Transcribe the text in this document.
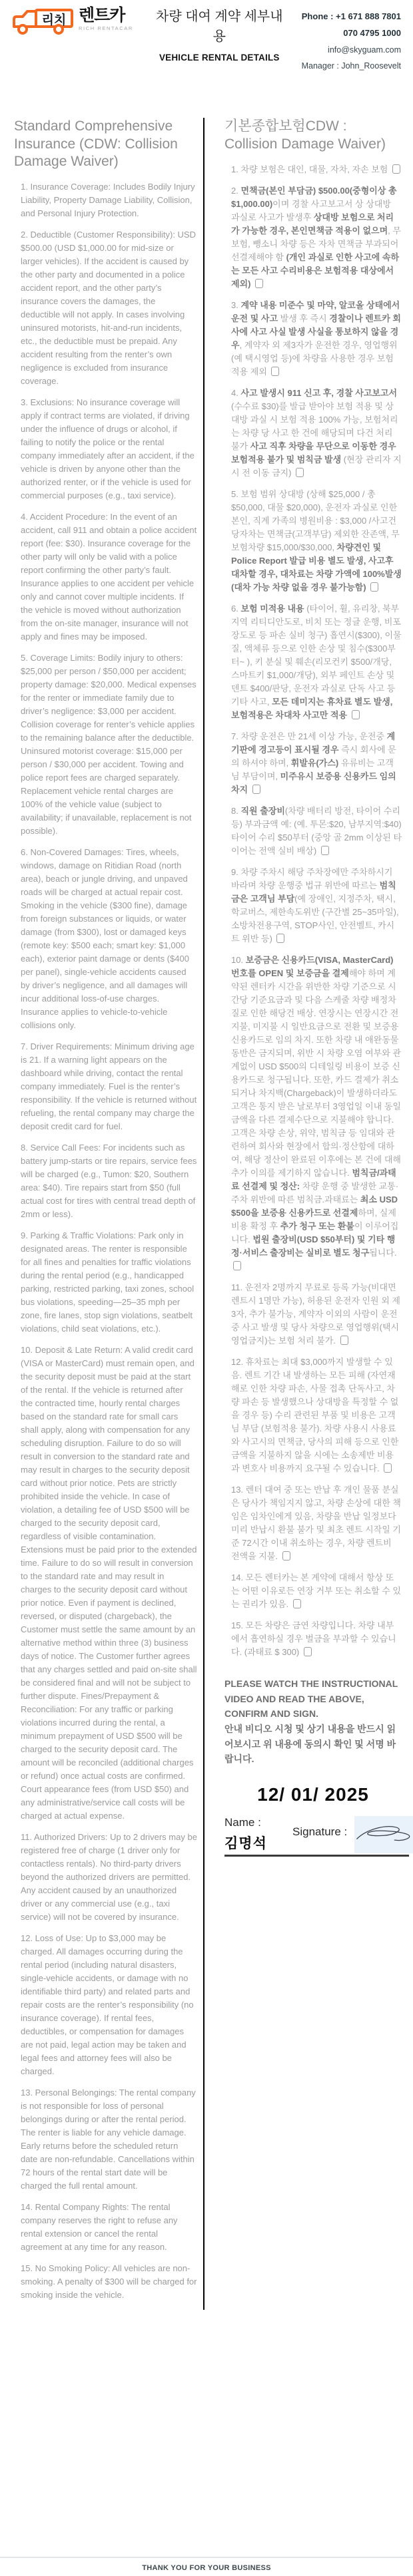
리치 렌트카
RICH RENTACAR
차량 대여 계약 세부내용
VEHICLE RENTAL DETAILS
Phone : +1 671 888 7801
070 4795 1000
info@skyguam.com
Manager : John_Roosevelt
Standard Comprehensive Insurance (CDW: Collision Damage Waiver)

1. Insurance Coverage: Includes Bodily Injury Liability, Property Damage Liability, Collision, and Personal Injury Protection.

2. Deductible (Customer Responsibility): USD $500.00 (USD $1,000.00 for mid-size or larger vehicles). If the accident is caused by the other party and documented in a police accident report, and the other party’s insurance covers the damages, the deductible will not apply. In cases involving uninsured motorists, hit-and-run incidents, etc., the deductible must be prepaid. Any accident resulting from the renter’s own negligence is excluded from insurance coverage.

3. Exclusions: No insurance coverage will apply if contract terms are violated, if driving under the influence of drugs or alcohol, if failing to notify the police or the rental company immediately after an accident, if the vehicle is driven by anyone other than the authorized renter, or if the vehicle is used for commercial purposes (e.g., taxi service).

4. Accident Procedure: In the event of an accident, call 911 and obtain a police accident report (fee: $30). Insurance coverage for the other party will only be valid with a police report confirming the other party’s fault. Insurance applies to one accident per vehicle only and cannot cover multiple incidents. If the vehicle is moved without authorization from the on-site manager, insurance will not apply and fines may be imposed.

5. Coverage Limits: Bodily injury to others: $25,000 per person / $50,000 per accident; property damage: $20,000. Medical expenses for the renter or immediate family due to driver’s negligence: $3,000 per accident. Collision coverage for renter’s vehicle applies to the remaining balance after the deductible. Uninsured motorist coverage: $15,000 per person / $30,000 per accident. Towing and police report fees are charged separately. Replacement vehicle rental charges are 100% of the vehicle value (subject to availability; if unavailable, replacement is not possible).

6. Non-Covered Damages: Tires, wheels, windows, damage on Ritidian Road (north area), beach or jungle driving, and unpaved roads will be charged at actual repair cost. Smoking in the vehicle ($300 fine), damage from foreign substances or liquids, or water damage (from $300), lost or damaged keys (remote key: $500 each; smart key: $1,000 each), exterior paint damage or dents ($400 per panel), single-vehicle accidents caused by driver’s negligence, and all damages will incur additional loss-of-use charges. Insurance applies to vehicle-to-vehicle collisions only.

7. Driver Requirements: Minimum driving age is 21. If a warning light appears on the dashboard while driving, contact the rental company immediately. Fuel is the renter’s responsibility. If the vehicle is returned without refueling, the rental company may charge the deposit credit card for fuel.

8. Service Call Fees: For incidents such as battery jump-starts or tire repairs, service fees will be charged (e.g., Tumon: $20, Southern area: $40). Tire repairs start from $50 (full actual cost for tires with central tread depth of 2mm or less).

9. Parking & Traffic Violations: Park only in designated areas. The renter is responsible for all fines and penalties for traffic violations during the rental period (e.g., handicapped parking, restricted parking, taxi zones, school bus violations, speeding—25–35 mph per zone, fire lanes, stop sign violations, seatbelt violations, child seat violations, etc.).

10. Deposit & Late Return: A valid credit card (VISA or MasterCard) must remain open, and the security deposit must be paid at the start of the rental. If the vehicle is returned after the contracted time, hourly rental charges based on the standard rate for small cars shall apply, along with compensation for any scheduling disruption. Failure to do so will result in conversion to the standard rate and may result in charges to the security deposit card without prior notice. Pets are strictly prohibited inside the vehicle. In case of violation, a detailing fee of USD $500 will be charged to the security deposit card, regardless of visible contamination. Extensions must be paid prior to the extended time. Failure to do so will result in conversion to the standard rate and may result in charges to the security deposit card without prior notice. Even if payment is declined, reversed, or disputed (chargeback), the Customer must settle the same amount by an alternative method within three (3) business days of notice. The Customer further agrees that any charges settled and paid on-site shall be considered final and will not be subject to further dispute. Fines/Prepayment & Reconciliation: For any traffic or parking violations incurred during the rental, a minimum prepayment of USD $500 will be charged to the security deposit card. The amount will be reconciled (additional charges or refund) once actual costs are confirmed. Court appearance fees (from USD $50) and any administrative/service call costs will be charged at actual expense.

11. Authorized Drivers: Up to 2 drivers may be registered free of charge (1 driver only for contactless rentals). No third-party drivers beyond the authorized drivers are permitted. Any accident caused by an unauthorized driver or any commercial use (e.g., taxi service) will not be covered by insurance.

12. Loss of Use: Up to $3,000 may be charged. All damages occurring during the rental period (including natural disasters, single-vehicle accidents, or damage with no identifiable third party) and related parts and repair costs are the renter’s responsibility (no insurance coverage). If rental fees, deductibles, or compensation for damages are not paid, legal action may be taken and legal fees and attorney fees will also be charged.

13. Personal Belongings: The rental company is not responsible for loss of personal belongings during or after the rental period. The renter is liable for any vehicle damage. Early returns before the scheduled return date are non-refundable. Cancellations within 72 hours of the rental start date will be charged the full rental amount.

14. Rental Company Rights: The rental company reserves the right to refuse any rental extension or cancel the rental agreement at any time for any reason.

15. No Smoking Policy: All vehicles are non-smoking. A penalty of $300 will be charged for smoking inside the vehicle.

기본종합보험CDW : Collision Damage Waiver)

1. 차량 보험은 대인, 대물, 자차, 자손 보험

2. 면책금(본인 부담금) $500.00(중형이상 총 $1,000.00)이며 경찰 사고보고서 상 상대방 과실로 사고가 발생후 상대방 보험으로 처리가 가능한 경우, 본인면책금 적용이 없으며, 무보험, 뺑소니 차량 등은 자차 면책금 부과되어 선결제해야 함 (개인 과실로 인한 사고에 속하는 모든 사고 수리비용은 보험적용 대상에서 제외)

3. 계약 내용 미준수 및 마약, 알코올 상태에서 운전 및 사고 발생 후 즉시 경찰이나 렌트카 회사에 사고 사실 발생 사실을 통보하지 않을 경우, 계약자 외 제3자가 운전한 경우, 영업행위(예 택시영업 등)에 차량을 사용한 경우 보험 적용 제외

4. 사고 발생시 911 신고 후, 경찰 사고보고서(수수료 $30)를 발급 받아야 보험 적용 및 상대방 과실 시 보험 적용 100% 가능, 보험처리는 차량 당 사고 한 건에 해당되며 다건 처리 불가 사고 직후 차량을 무단으로 이동한 경우 보험적용 불가 및 범칙금 발생 (현장 관리자 지시 전 이동 금지)

5. 보험 범위 상대방 (상해 $25,000 / 총 $50,000, 대물 $20,000), 운전자 과실로 인한 본인, 직계 가족의 병원비용 : $3,000 /사고건당자차는 면책금(고객부담) 제외한 잔존액, 무보험차량 $15,000/$30,000, 차량견인 및 Police Report 발급 비용 별도 발생, 사고후 대차할 경우, 대차료는 차량 가액에 100%발생(대차 가능 차량 없을 경우 불가능함)

6. 보험 미적용 내용 (타이어, 휠, 유리창, 북부지역 리티디안도로, 비치 또는 정글 운행, 비포장도로 등 파손 실비 청구) 흡연시($300), 이물질, 액체류 등으로 인한 손상 및 침수($300부터~ ), 키 분실 및 훼손(리모컨키 $500/개당, 스마트키 $1,000/개당), 외부 페인트 손상 및 덴트 $400/판당, 운전자 과실로 단독 사고 등 기타 사고, 모든 데미지는 휴차료 별도 발생, 보험적용은 차대차 사고만 적용

7. 차량 운전은 만 21세 이상 가능, 운전중 계기판에 경고등이 표시될 경우 즉시 회사에 문의 하셔야 하며, 휘발유(가스) 유류비는 고객님 부담이며, 미주유시 보증용 신용카드 임의 차지

8. 직원 출장비(차량 배터리 방전, 타이어 수리 등) 부과금액 예: (예. 투몬:$20, 남부지역:$40) 타이어 수리 $50부터 (중앙 골 2mm 이상된 타이어는 전액 실비 배상)

9. 차량 주차시 해당 주차장에만 주차하시기 바라며 차량 운행중 법규 위반에 따르는 범칙금은 고객님 부담(예 장애인, 지정주차, 택시, 학교버스, 제한속도위반 (구간별 25~35마일), 소방차전용구역, STOP사인, 안전벨트, 카시트 위반 등)

10. 보증금은 신용카드(VISA, MasterCard) 번호를 OPEN 및 보증금을 결제해야 하며 계약된 렌터카 시간을 위반한 차량 기준으로 시간당 기준요금과 및 다음 스케줄 차량 배정차질로 인한 해당건 배상. 연장시는 연장시간 전 지불, 미지불 시 일반요금으로 전환 및 보증용 신용카드로 임의 차지. 또한 차량 내 애완동물 동반은 금지되며, 위반 시 차량 오염 여부와 관계없이 USD $500의 디테일링 비용이 보증 신용카드로 청구됩니다. 또한, 카드 결제가 취소되거나 차지백(Chargeback)이 발생하더라도 고객은 통지 받은 날로부터 3영업일 이내 동일 금액을 다른 결제수단으로 지불해야 합니다. 고객은 차량 손상, 위약, 범칙금 등 임대와 관련하여 회사와 현장에서 합의·정산함에 대하여, 해당 정산이 완료된 이후에는 본 건에 대해 추가 이의를 제기하지 않습니다. 범칙금/과태료 선결제 및 정산: 차량 운행 중 발생한 교통·주차 위반에 따른 범칙금.과태료는 최소 USD $500을 보증용 신용카드로 선결제하며, 실제 비용 확정 후 추가 청구 또는 환불이 이루어집니다. 법원 출장비(USD $50부터) 및 기타 행정·서비스 출장비는 실비로 별도 청구됩니다.

11. 운전자 2명까지 무료로 등록 가능(비대면 렌트시 1명만 가능), 허용된 운전자 인원 외 제3자, 추가 불가능, 계약자 이외의 사람이 운전중 사고 발생 및 당사 차량으로 영업행위(택시영업금지)는 보험 처리 불가.

12. 휴차료는 최대 $3,000까지 발생할 수 있음. 렌트 기간 내 발생하는 모든 피해 (자연재해로 인한 차량 파손, 사물 접촉 단독사고, 차량 파손 등 발생했으나 상대방을 특정할 수 없을 경우 등) 수리 관련된 부품 및 비용은 고객님 부담 (보험적용 불가). 차량 사용시 사용료와 사고시의 면책금, 당사의 피해 등으로 인한 금액을 지불하지 않을 시에는 소송제반 비용과 변호사 비용까지 요구될 수 있습니다.

13. 렌터 대여 중 또는 반납 후 개인 물품 분실은 당사가 책임지지 않고, 차량 손상에 대한 책임은 임차인에게 있음, 차량을 반납 일정보다 미리 반납시 환불 불가 및 최초 렌트 시작일 기준 72시간 이내 취소하는 경우, 차량 렌트비 전액을 지불.

14. 모든 렌터카는 본 계약에 대해서 항상 또는 어떤 이유로든 연장 거부 또는 취소할 수 있는 권리가 있음.

15. 모든 차량은 금연 차량입니다. 차량 내부에서 흡연하실 경우 벌금을 부과할 수 있습니다. (과태료 $ 300)

PLEASE WATCH THE INSTRUCTIONAL VIDEO AND READ THE ABOVE, CONFIRM AND SIGN.
안내 비디오 시청 및 상기 내용을 반드시 읽어보시고 위 내용에 동의시 확인 및 서명 바랍니다.
12/ 01/ 2025
Name :
김명석
Signature :
THANK YOU FOR YOUR BUSINESS
